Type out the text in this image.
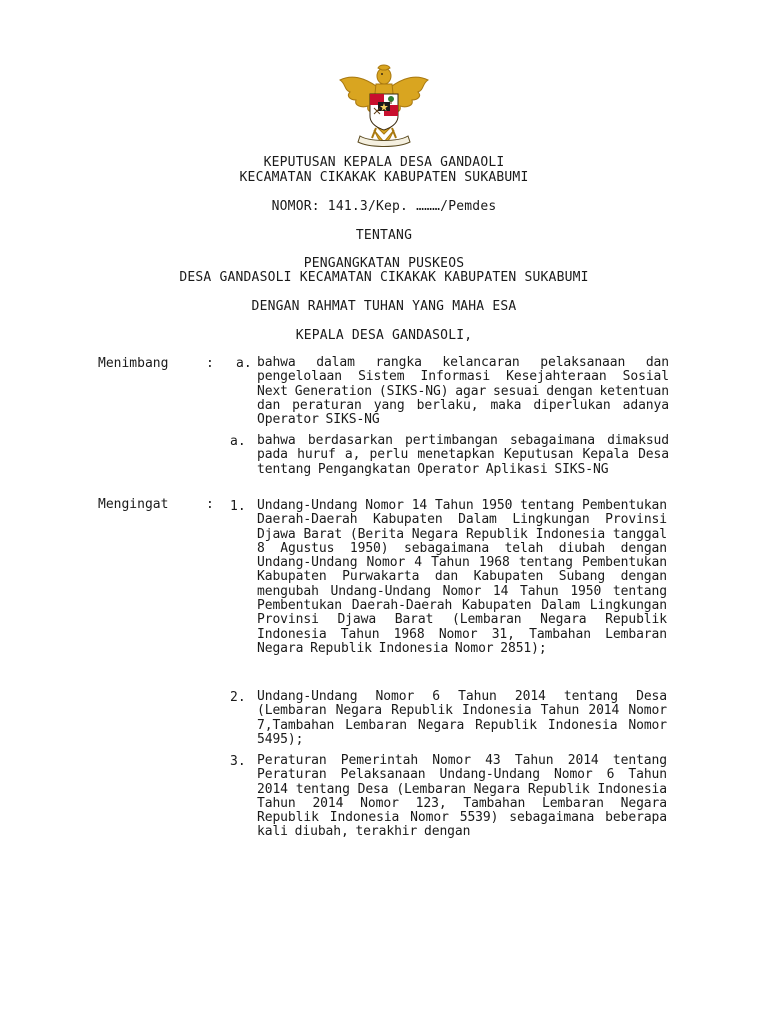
KEPUTUSAN KEPALA DESA GANDAOLI
KECAMATAN CIKAKAK KABUPATEN SUKABUMI
NOMOR: 141.3/Kep. ………/Pemdes
TENTANG
PENGANGKATAN PUSKEOS
DESA GANDASOLI KECAMATAN CIKAKAK KABUPATEN SUKABUMI
DENGAN RAHMAT TUHAN YANG MAHA ESA
KEPALA DESA GANDASOLI,
Menimbang	: a. bahwa dalam rangka kelancaran pelaksanaan dan pengelolaan Sistem Informasi Kesejahteraan Sosial Next Generation (SIKS-NG) agar sesuai dengan ketentuan dan peraturan yang berlaku, maka diperlukan adanya Operator SIKS-NG
a. bahwa berdasarkan pertimbangan sebagaimana dimaksud pada huruf a, perlu menetapkan Keputusan Kepala Desa tentang Pengangkatan Operator Aplikasi SIKS-NG
Mengingat	: 1. Undang-Undang Nomor 14 Tahun 1950 tentang Pembentukan Daerah-Daerah Kabupaten Dalam Lingkungan Provinsi Djawa Barat (Berita Negara Republik Indonesia tanggal 8 Agustus 1950) sebagaimana telah diubah dengan Undang-Undang Nomor 4 Tahun 1968 tentang Pembentukan Kabupaten Purwakarta dan Kabupaten Subang dengan mengubah Undang-Undang Nomor 14 Tahun 1950 tentang Pembentukan Daerah-Daerah Kabupaten Dalam Lingkungan Provinsi Djawa Barat (Lembaran Negara Republik Indonesia Tahun 1968 Nomor 31, Tambahan Lembaran Negara Republik Indonesia Nomor 2851);
2. Undang-Undang Nomor 6 Tahun 2014 tentang Desa (Lembaran Negara Republik Indonesia Tahun 2014 Nomor 7,Tambahan Lembaran Negara Republik Indonesia Nomor 5495);
3. Peraturan Pemerintah Nomor 43 Tahun 2014 tentang Peraturan Pelaksanaan Undang-Undang Nomor 6 Tahun 2014 tentang Desa (Lembaran Negara Republik Indonesia Tahun 2014 Nomor 123, Tambahan Lembaran Negara Republik Indonesia Nomor 5539) sebagaimana beberapa kali diubah, terakhir dengan
